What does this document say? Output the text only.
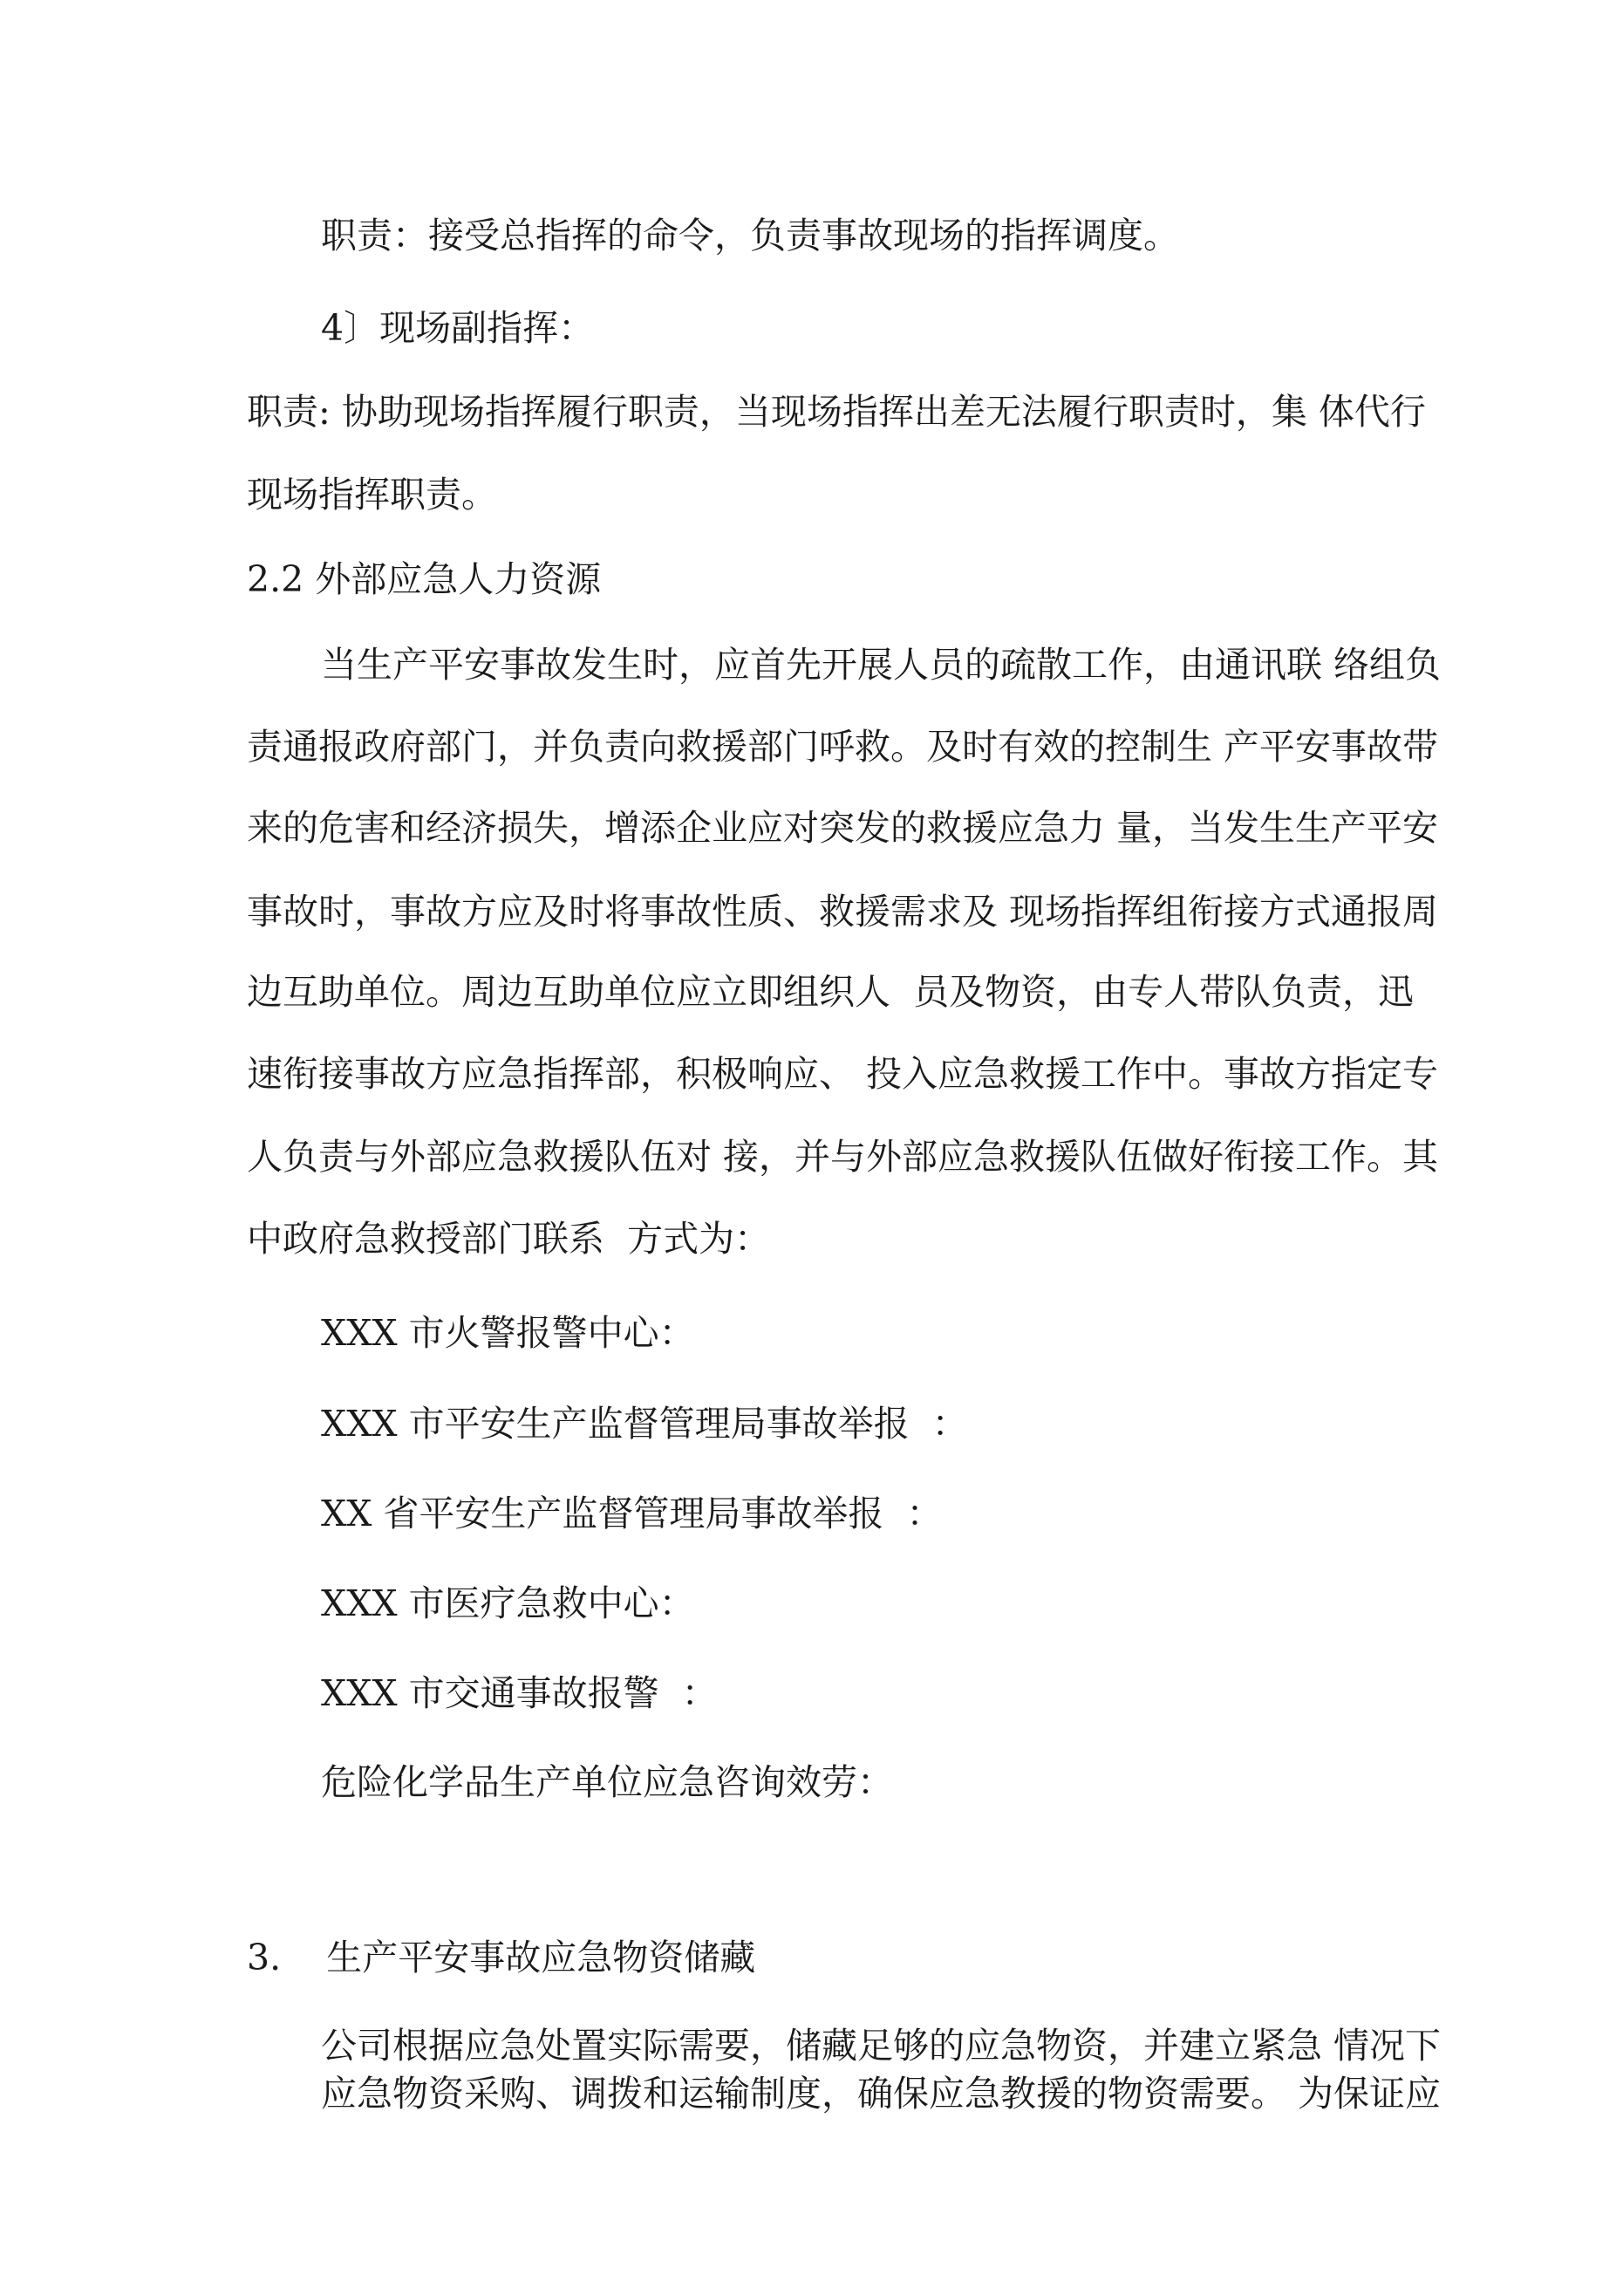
职责：接受总指挥的命令，负责事故现场的指挥调度。
4〕现场副指挥：
职责: 协助现场指挥履行职责，当现场指挥出差无法履行职责时，集 体代行
现场指挥职责。
2.2 外部应急人力资源
当生产平安事故发生时，应首先开展人员的疏散工作，由通讯联 络组负
责通报政府部门，并负责向救援部门呼救。及时有效的控制生 产平安事故带
来的危害和经济损失，增添企业应对突发的救援应急力 量，当发生生产平安
事故时，事故方应及时将事故性质、救援需求及 现场指挥组衔接方式通报周
边互助单位。周边互助单位应立即组织人  员及物资，由专人带队负责，迅
速衔接事故方应急指挥部，积极响应、 投入应急救援工作中。事故方指定专
人负责与外部应急救援队伍对 接，并与外部应急救援队伍做好衔接工作。其
中政府急救授部门联系  方式为：
XXX 市火警报警中心：
XXX 市平安生产监督管理局事故举报  ：
XX 省平安生产监督管理局事故举报  ：
XXX 市医疗急救中心：
XXX 市交通事故报警  ：
危险化学品生产单位应急咨询效劳：
3.    生产平安事故应急物资储藏
公司根据应急处置实际需要，储藏足够的应急物资，并建立紧急 情况下
应急物资采购、调拨和运输制度，确保应急教援的物资需要。 为保证应
